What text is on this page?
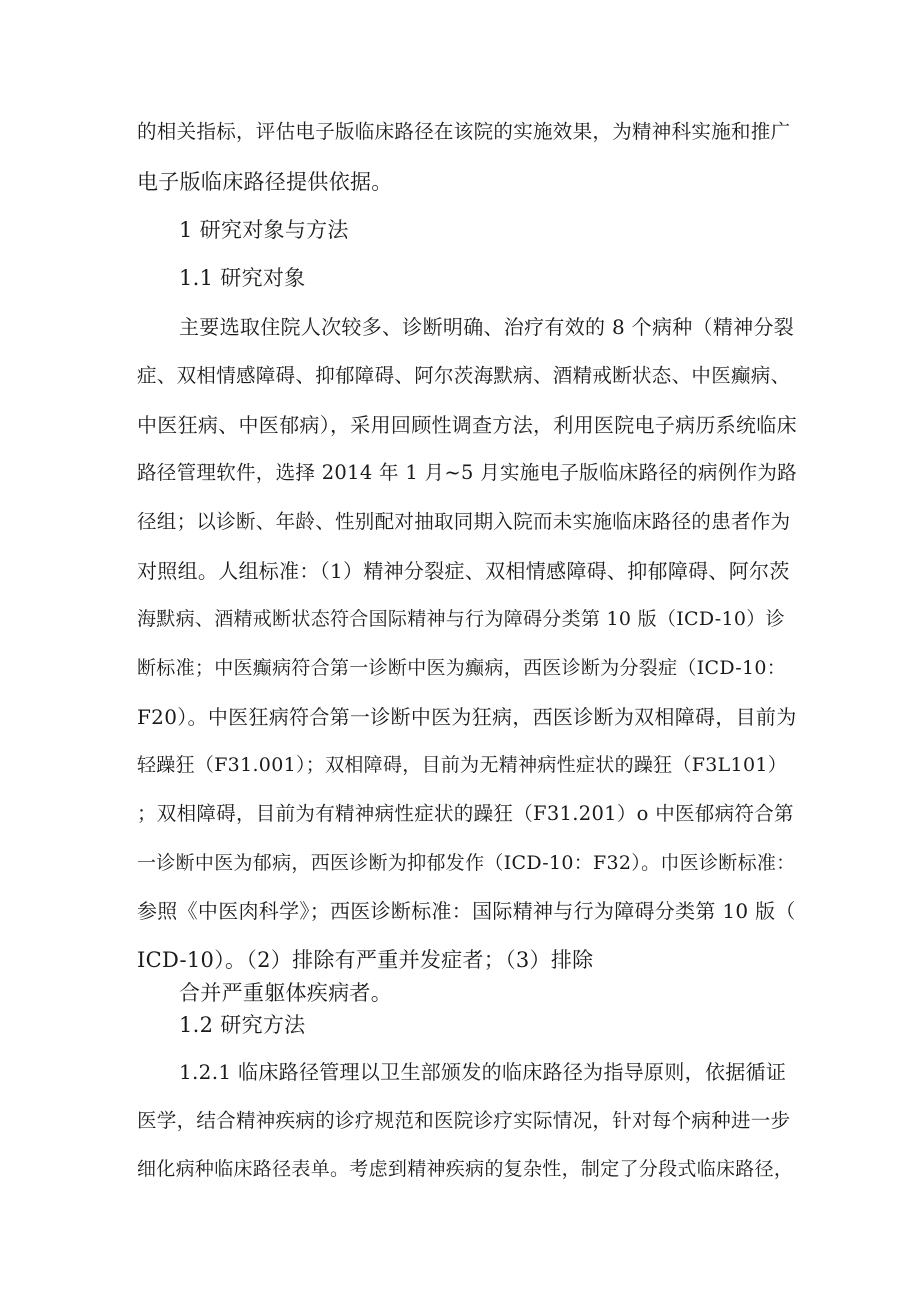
的相关指标，评估电子版临床路径在该院的实施效果，为精神科实施和推广
电子版临床路径提供依据。
1 研究对象与方法
1.1 研究对象
主要选取住院人次较多、诊断明确、治疗有效的 8 个病种（精神分裂
症、双相情感障碍、抑郁障碍、阿尔茨海默病、酒精戒断状态、中医癫病、
中医狂病、中医郁病），采用回顾性调查方法，利用医院电子病历系统临床
路径管理软件，选择 2014 年 1 月~5 月实施电子版临床路径的病例作为路
径组；以诊断、年龄、性别配对抽取同期入院而未实施临床路径的患者作为
对照组。人组标准：（1）精神分裂症、双相情感障碍、抑郁障碍、阿尔茨
海默病、酒精戒断状态符合国际精神与行为障碍分类第 10 版（ICD-10）诊
断标准；中医癫病符合第一诊断中医为癫病，西医诊断为分裂症（ICD-10：
F20）。中医狂病符合第一诊断中医为狂病，西医诊断为双相障碍，目前为
轻躁狂（F31.001）；双相障碍，目前为无精神病性症状的躁狂（F3L101）
；双相障碍，目前为有精神病性症状的躁狂（F31.201）o 中医郁病符合第
一诊断中医为郁病，西医诊断为抑郁发作（ICD-10：F32）。巾医诊断标准：
参照《中医肉科学》；西医诊断标准：国际精神与行为障碍分类第 10 版（
ICD-10）。（2）排除有严重并发症者；（3）排除
合并严重躯体疾病者。
1.2 研究方法
1.2.1 临床路径管理以卫生部颁发的临床路径为指导原则，依据循证
医学，结合精神疾病的诊疗规范和医院诊疗实际情况，针对每个病种进一步
细化病种临床路径表单。考虑到精神疾病的复杂性，制定了分段式临床路径，
